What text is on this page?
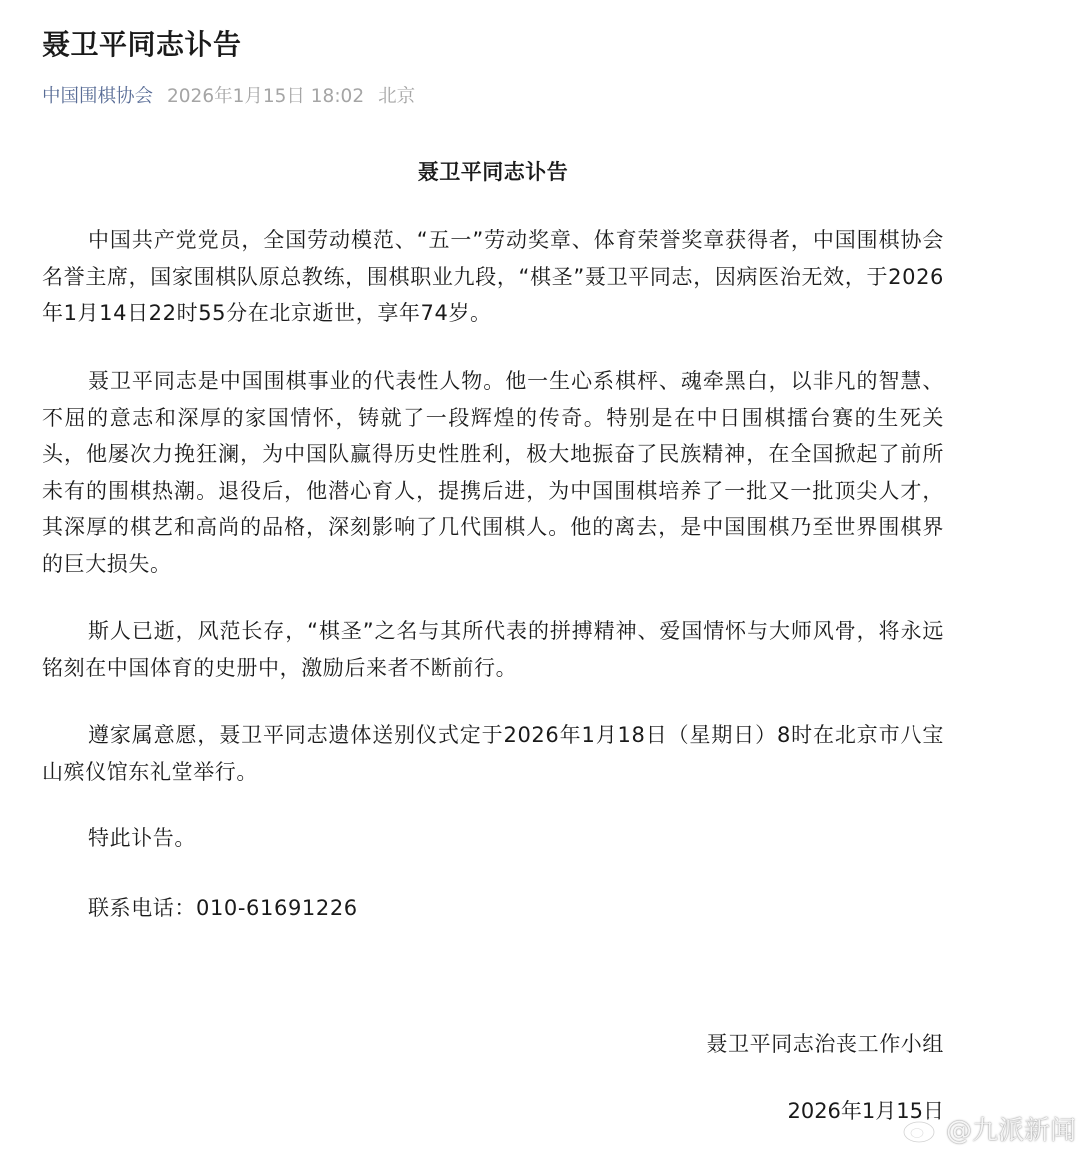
聂卫平同志讣告
中国围棋协会 2026年1月15日 18:02 北京
聂卫平同志讣告

中国共产党党员，全国劳动模范、“五一”劳动奖章、体育荣誉奖章获得者，中国围棋协会名誉主席，国家围棋队原总教练，围棋职业九段，“棋圣”聂卫平同志，因病医治无效，于2026年1月14日22时55分在北京逝世，享年74岁。

聂卫平同志是中国围棋事业的代表性人物。他一生心系棋枰、魂牵黑白，以非凡的智慧、不屈的意志和深厚的家国情怀，铸就了一段辉煌的传奇。特别是在中日围棋擂台赛的生死关头，他屡次力挽狂澜，为中国队赢得历史性胜利，极大地振奋了民族精神，在全国掀起了前所未有的围棋热潮。退役后，他潜心育人，提携后进，为中国围棋培养了一批又一批顶尖人才，其深厚的棋艺和高尚的品格，深刻影响了几代围棋人。他的离去，是中国围棋乃至世界围棋界的巨大损失。

斯人已逝，风范长存，“棋圣”之名与其所代表的拼搏精神、爱国情怀与大师风骨，将永远铭刻在中国体育的史册中，激励后来者不断前行。

遵家属意愿，聂卫平同志遗体送别仪式定于2026年1月18日（星期日）8时在北京市八宝山殡仪馆东礼堂举行。

特此讣告。

联系电话：010-61691226

聂卫平同志治丧工作小组
2026年1月15日
@九派新闻
